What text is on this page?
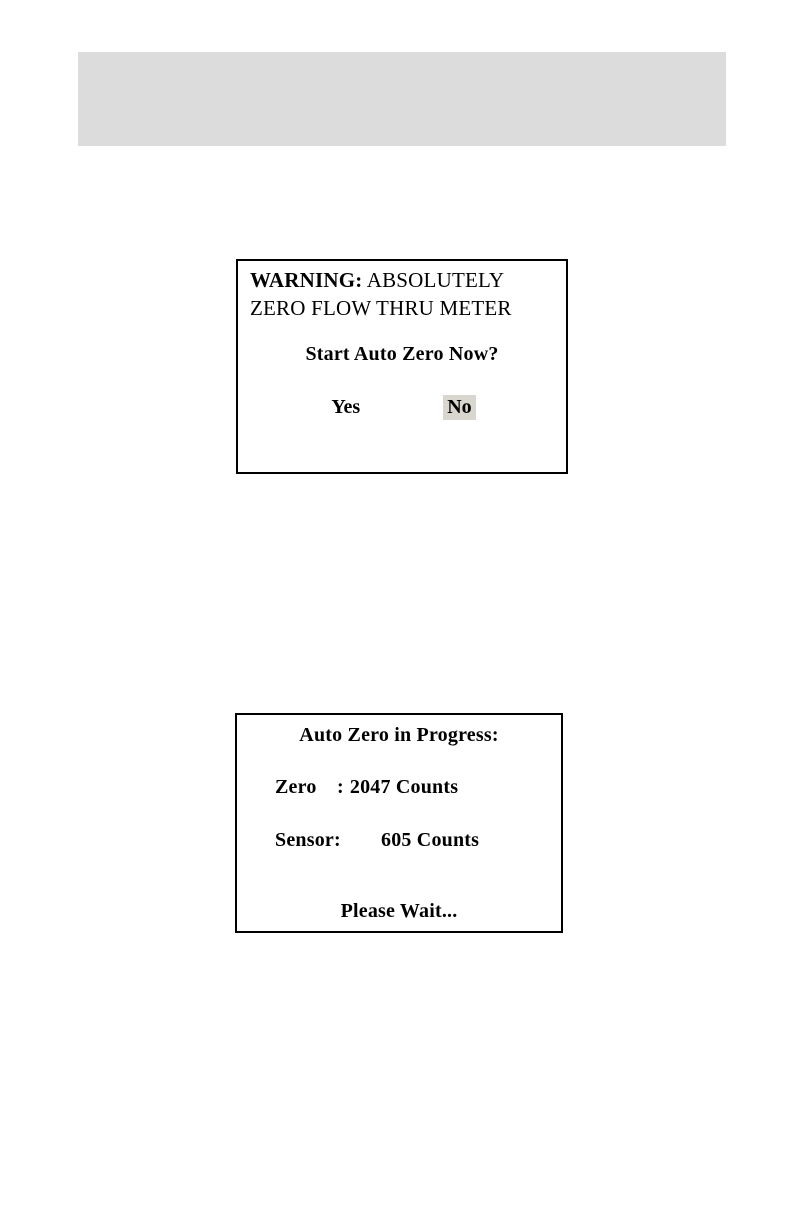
WARNING: ABSOLUTELY
ZERO FLOW THRU METER
Start Auto Zero Now?
Yes	No
Auto Zero in Progress:
Zero : 2047 Counts
Sensor: 605 Counts
Please Wait...
